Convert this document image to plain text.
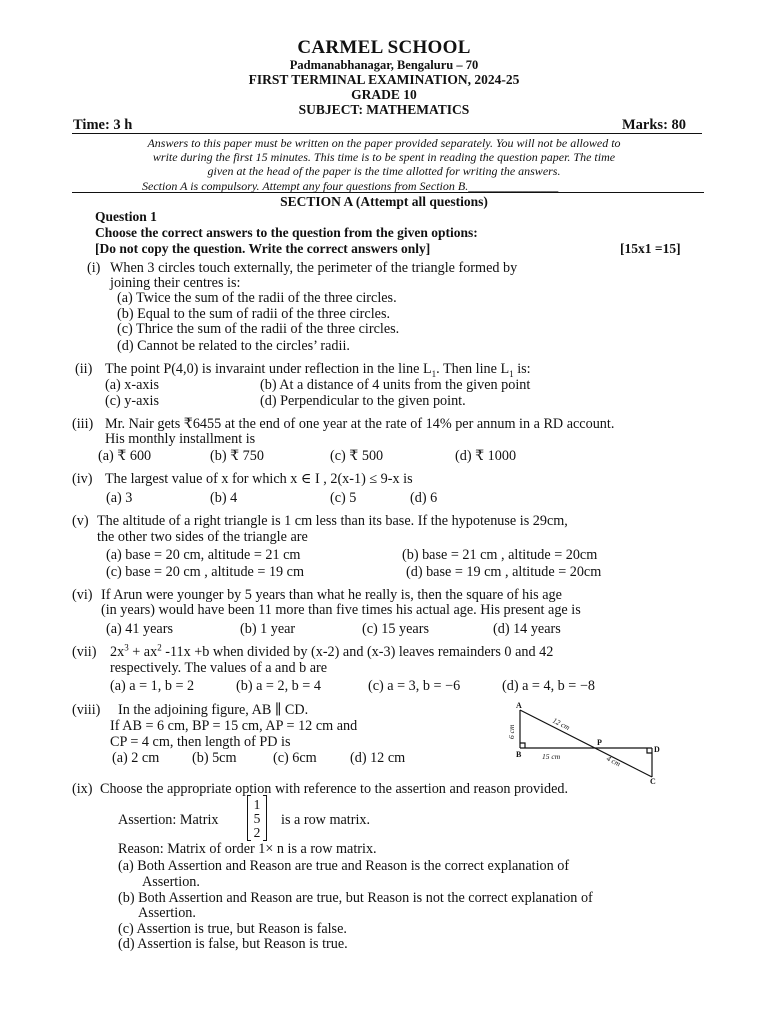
CARMEL SCHOOL
Padmanabhanagar, Bengaluru – 70
FIRST TERMINAL EXAMINATION, 2024-25
GRADE 10
SUBJECT: MATHEMATICS
Time: 3 h	Marks: 80
Answers to this paper must be written on the paper provided separately. You will not be allowed to
write during the first 15 minutes. This time is to be spent in reading the question paper. The time
given at the head of the paper is the time allotted for writing the answers.
Section A is compulsory. Attempt any four questions from Section B._______________
SECTION A (Attempt all questions)
Question 1
Choose the correct answers to the question from the given options:
[Do not copy the question. Write the correct answers only]	[15x1 =15]
(i) When 3 circles touch externally, the perimeter of the triangle formed by
joining their centres is:
(a) Twice the sum of the radii of the three circles.
(b) Equal to the sum of radii of the three circles.
(c) Thrice the sum of the radii of the three circles.
(d) Cannot be related to the circles’ radii.
(ii) The point P(4,0) is invaraint under reflection in the line $L_1$. Then line $L_1$ is:
(a) x-axis	(b) At a distance of 4 units from the given point
(c) y-axis	(d) Perpendicular to the given point.
(iii) Mr. Nair gets ₹6455 at the end of one year at the rate of 14% per annum in a RD account.
His monthly installment is
(a) ₹ 600	(b) ₹ 750	(c) ₹ 500	(d) ₹ 1000
(iv) The largest value of x for which x ∈ I , 2(x-1) ≤ 9-x is
(a) 3	(b) 4	(c) 5	(d) 6
(v) The altitude of a right triangle is 1 cm less than its base. If the hypotenuse is 29cm,
the other two sides of the triangle are
(a) base = 20 cm, altitude = 21 cm	(b) base = 21 cm , altitude = 20cm
(c) base = 20 cm , altitude = 19 cm	(d) base = 19 cm , altitude = 20cm
(vi) If Arun were younger by 5 years than what he really is, then the square of his age
(in years) would have been 11 more than five times his actual age. His present age is
(a) 41 years	(b) 1 year	(c) 15 years	(d) 14 years
(vii) $2x^3 + ax^2$ -11x +b when divided by (x-2) and (x-3) leaves remainders 0 and 42
respectively. The values of a and b are
(a) a = 1, b = 2	(b) a = 2, b = 4	(c) a = 3, b = −6	(d) a = 4, b = −8
(viii) In the adjoining figure, AB ∥ CD.
If AB = 6 cm, BP = 15 cm, AP = 12 cm and
CP = 4 cm, then length of PD is
(a) 2 cm (b) 5cm	(c) 6cm (d) 12 cm
A
B
P
D
C
6 cm	12 cm
15 cm	4 cm
(ix) Choose the appropriate option with reference to the assertion and reason provided.
Assertion: Matrix
1
5
2
is a row matrix.
Reason: Matrix of order 1× n is a row matrix.
(a) Both Assertion and Reason are true and Reason is the correct explanation of
Assertion.
(b) Both Assertion and Reason are true, but Reason is not the correct explanation of
Assertion.
(c) Assertion is true, but Reason is false.
(d) Assertion is false, but Reason is true.
